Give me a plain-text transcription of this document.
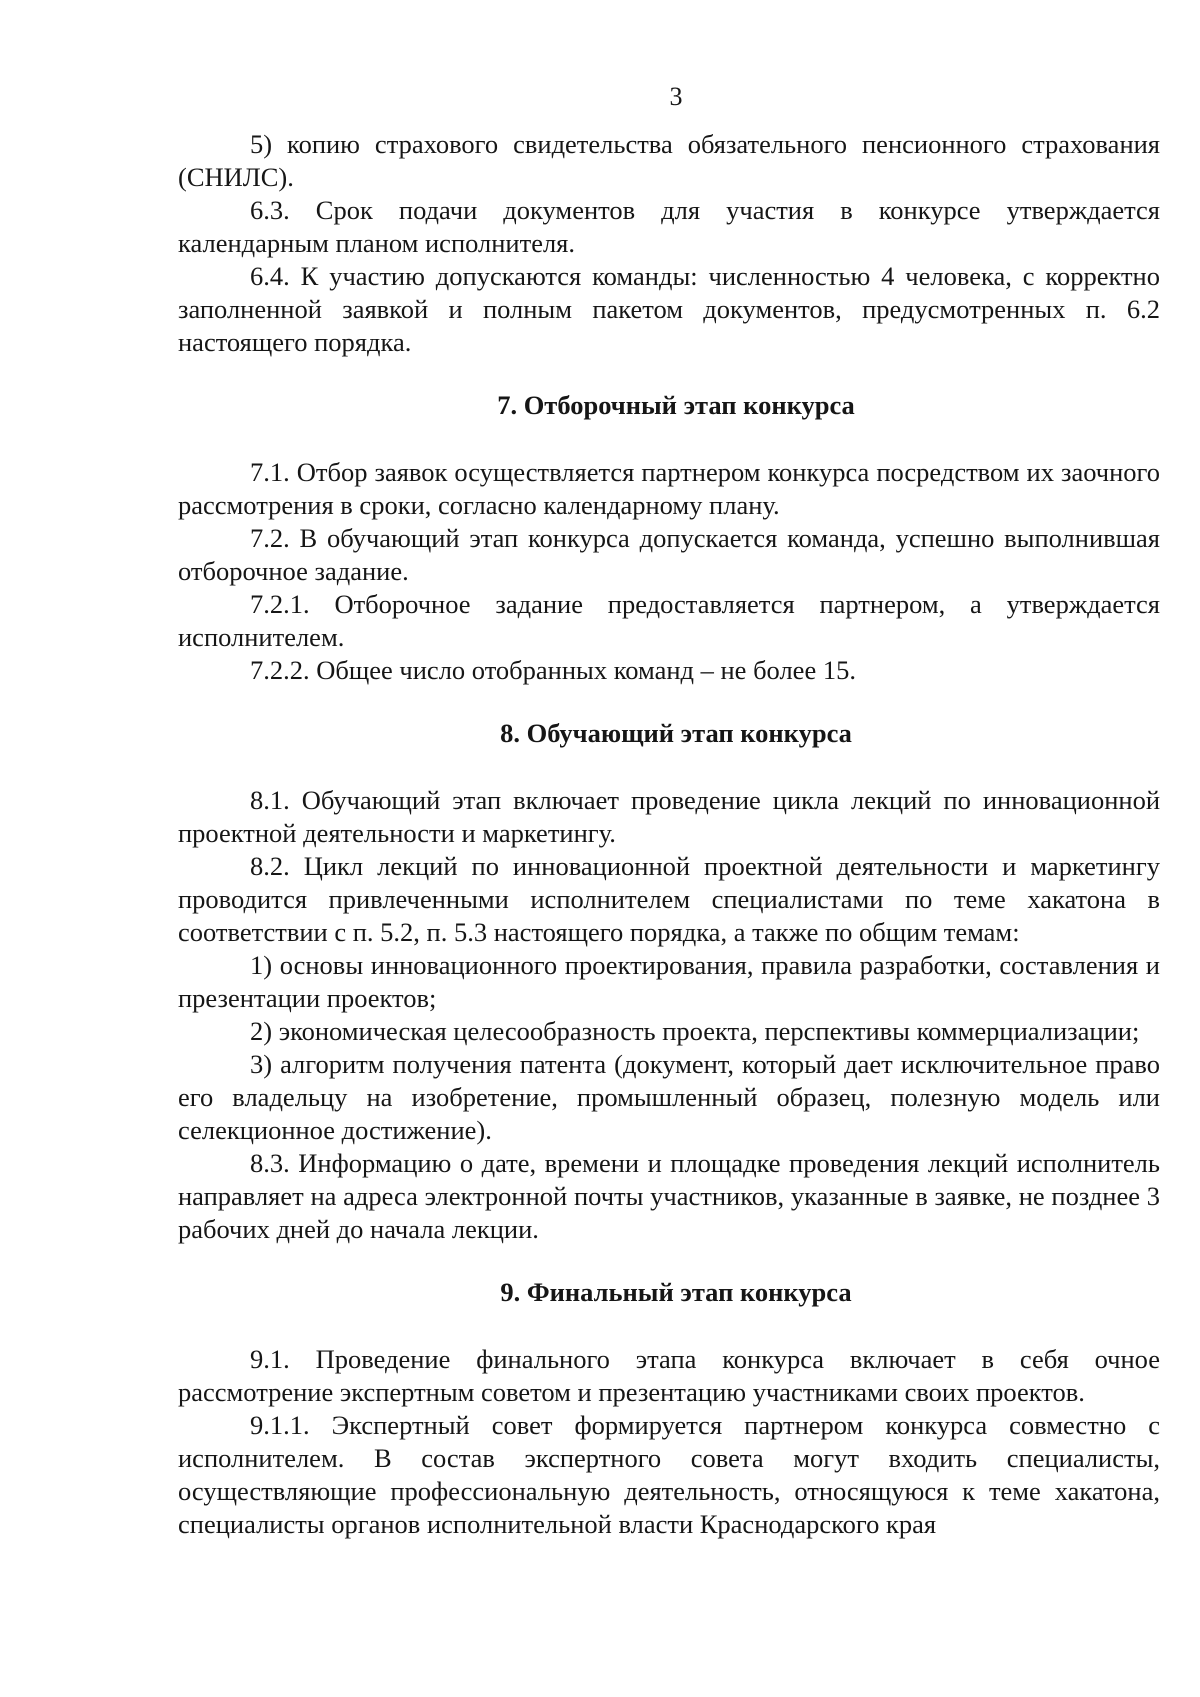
3

5) копию страхового свидетельства обязательного пенсионного страхования (СНИЛС).

6.3. Срок подачи документов для участия в конкурсе утверждается календарным планом исполнителя.

6.4. К участию допускаются команды: численностью 4 человека, с корректно заполненной заявкой и полным пакетом документов, предусмотренных п. 6.2 настоящего порядка.

7. Отборочный этап конкурса

7.1. Отбор заявок осуществляется партнером конкурса посредством их заочного рассмотрения в сроки, согласно календарному плану.

7.2. В обучающий этап конкурса допускается команда, успешно выполнившая отборочное задание.

7.2.1. Отборочное задание предоставляется партнером, а утверждается исполнителем.

7.2.2. Общее число отобранных команд – не более 15.

8. Обучающий этап конкурса

8.1. Обучающий этап включает проведение цикла лекций по инновационной проектной деятельности и маркетингу.

8.2. Цикл лекций по инновационной проектной деятельности и маркетингу проводится привлеченными исполнителем специалистами по теме хакатона в соответствии с п. 5.2, п. 5.3 настоящего порядка, а также по общим темам:

1) основы инновационного проектирования, правила разработки, составления и презентации проектов;

2) экономическая целесообразность проекта, перспективы коммерциализации;

3) алгоритм получения патента (документ, который дает исключительное право его владельцу на изобретение, промышленный образец, полезную модель или селекционное достижение).

8.3. Информацию о дате, времени и площадке проведения лекций исполнитель направляет на адреса электронной почты участников, указанные в заявке, не позднее 3 рабочих дней до начала лекции.

9. Финальный этап конкурса

9.1. Проведение финального этапа конкурса включает в себя очное рассмотрение экспертным советом и презентацию участниками своих проектов.

9.1.1. Экспертный совет формируется партнером конкурса совместно с исполнителем. В состав экспертного совета могут входить специалисты, осуществляющие профессиональную деятельность, относящуюся к теме хакатона, специалисты органов исполнительной власти Краснодарского края
